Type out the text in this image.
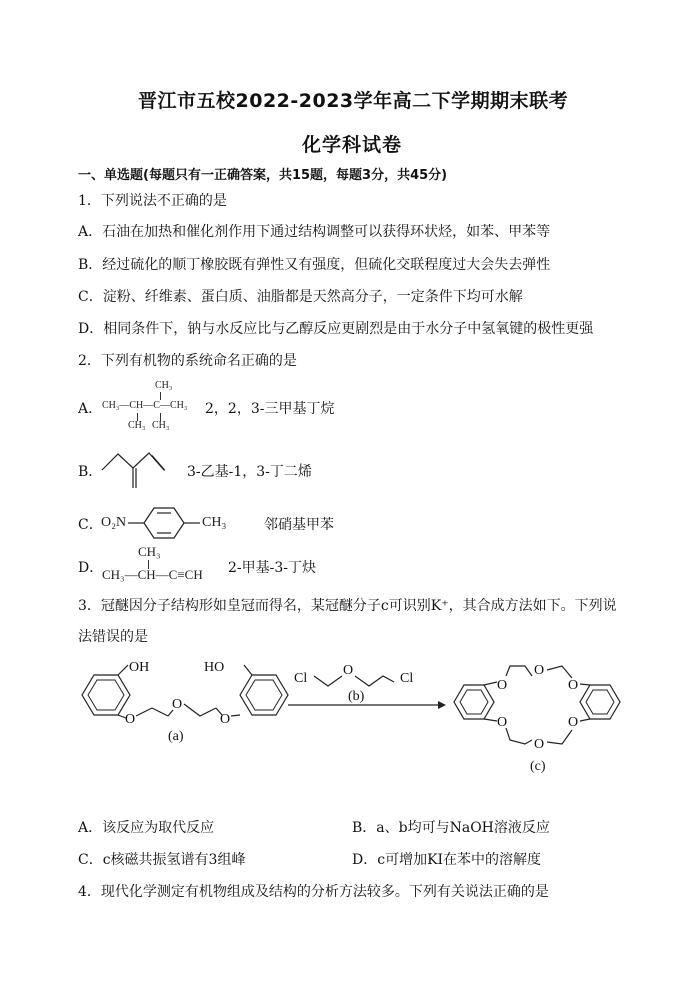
晋江市五校2022-2023学年高二下学期期末联考
化学科试卷
一、单选题(每题只有一正确答案，共15题，每题3分，共45分)
1．下列说法不正确的是
A．石油在加热和催化剂作用下通过结构调整可以获得环状烃，如苯、甲苯等
B．经过硫化的顺丁橡胶既有弹性又有强度，但硫化交联程度过大会失去弹性
C．淀粉、纤维素、蛋白质、油脂都是天然高分子，一定条件下均可水解
D．相同条件下，钠与水反应比与乙醇反应更剧烈是由于水分子中氢氧键的极性更强
2．下列有机物的系统命名正确的是
A．
CH₃
CH₃—CH—C—CH₃
CH₃ CH₃
2，2，3-三甲基丁烷
B．	3-乙基-1，3-丁二烯
C．
O₂N	CH₃	邻硝基甲苯
D．
CH₃
CH₃—CH—C≡CH 2-甲基-3-丁炔
3．冠醚因分子结构形如皇冠而得名，某冠醚分子c可识别K⁺，其合成方法如下。下列说
法错误的是
OH
O
O
O
HO
(a)
Cl
O
Cl
(b)
O
O
O
O
O
O
(c)
A．该反应为取代反应	B．a、b均可与NaOH溶液反应
C．c核磁共振氢谱有3组峰	D．c可增加KI在苯中的溶解度
4．现代化学测定有机物组成及结构的分析方法较多。下列有关说法正确的是
